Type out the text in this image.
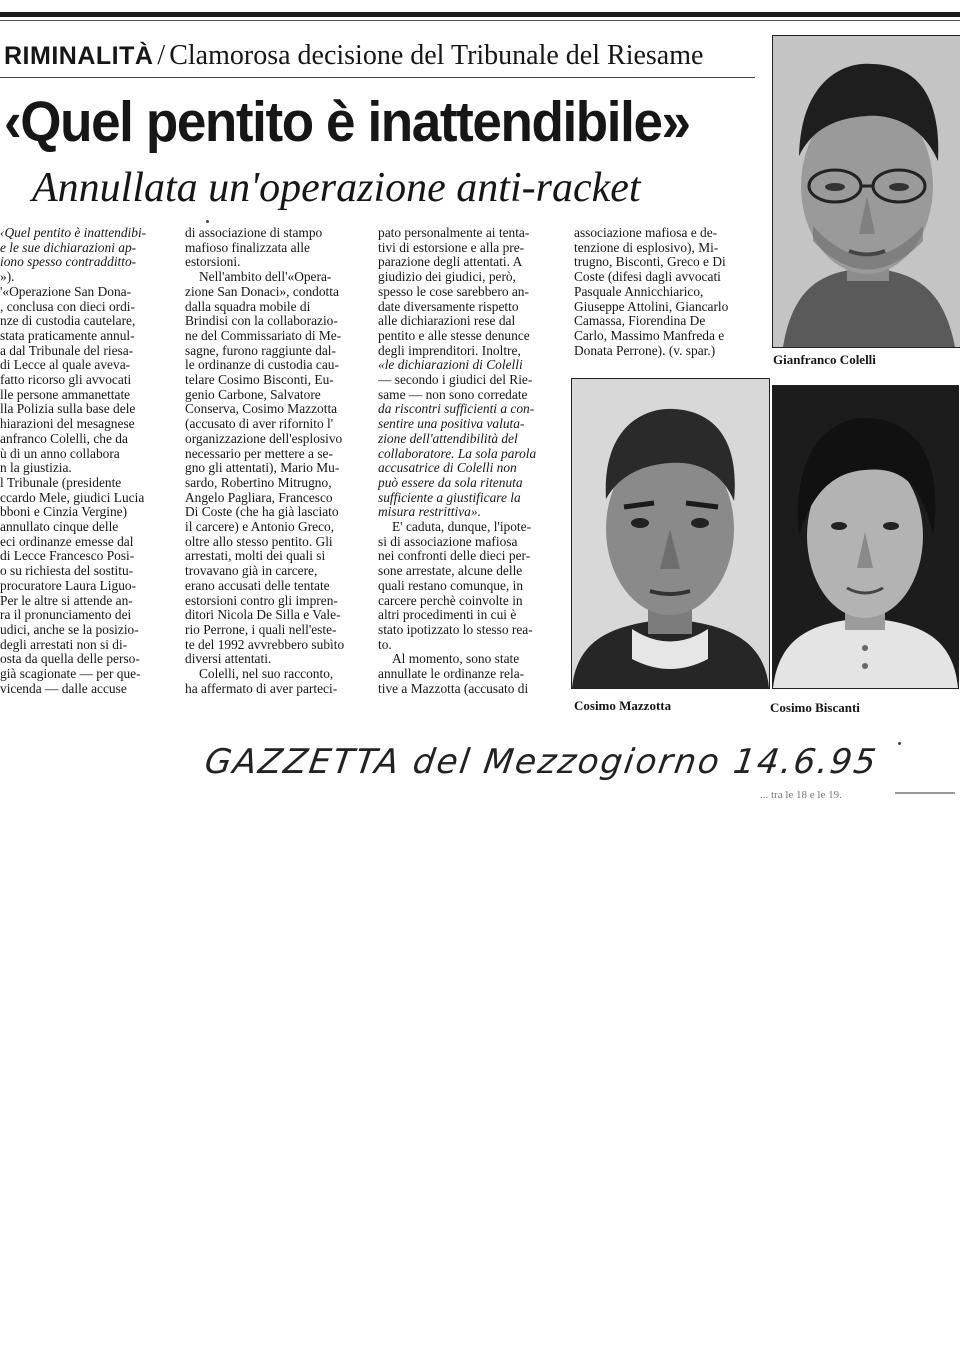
RIMINALITÀ / Clamorosa decisione del Tribunale del Riesame
‹Quel pentito è inattendibile»
Annullata un'operazione anti-racket

‹Quel pentito è inattendibi-

e le sue dichiarazioni ap-

iono spesso contradditto-

»).

'«Operazione San Dona-

, conclusa con dieci ordi-

nze di custodia cautelare,

stata praticamente annul-

a dal Tribunale del riesa-

di Lecce al quale aveva-

fatto ricorso gli avvocati

lle persone ammanettate

lla Polizia sulla base dele

hiarazioni del mesagnese

anfranco Colelli, che da

ù di un anno collabora

n la giustizia.

l Tribunale (presidente

ccardo Mele, giudici Lucia

bboni e Cinzia Vergine)

annullato cinque delle

eci ordinanze emesse dal

di Lecce Francesco Posi-

o su richiesta del sostitu-

procuratore Laura Liguo-

Per le altre si attende an-

ra il pronunciamento dei

udici, anche se la posizio-

degli arrestati non si di-

osta da quella delle perso-

già scagionate — per que-

vicenda — dalle accuse

di associazione di stampo

mafioso finalizzata alle

estorsioni.

Nell'ambito dell'«Opera-

zione San Donaci», condotta

dalla squadra mobile di

Brindisi con la collaborazio-

ne del Commissariato di Me-

sagne, furono raggiunte dal-

le ordinanze di custodia cau-

telare Cosimo Bisconti, Eu-

genio Carbone, Salvatore

Conserva, Cosimo Mazzotta

(accusato di aver rifornito l'

organizzazione dell'esplosivo

necessario per mettere a se-

gno gli attentati), Mario Mu-

sardo, Robertino Mitrugno,

Angelo Pagliara, Francesco

Di Coste (che ha già lasciato

il carcere) e Antonio Greco,

oltre allo stesso pentito. Gli

arrestati, molti dei quali si

trovavano già in carcere,

erano accusati delle tentate

estorsioni contro gli impren-

ditori Nicola De Silla e Vale-

rio Perrone, i quali nell'este-

te del 1992 avvrebbero subìto

diversi attentati.

Colelli, nel suo racconto,

ha affermato di aver parteci-

pato personalmente ai tenta-

tivi di estorsione e alla pre-

parazione degli attentati. A

giudizio dei giudici, però,

spesso le cose sarebbero an-

date diversamente rispetto

alle dichiarazioni rese dal

pentito e alle stesse denunce

degli imprenditori. Inoltre,

«le dichiarazioni di Colelli

— secondo i giudici del Rie-

same — non sono corredate

da riscontri sufficienti a con-

sentire una positiva valuta-

zione dell'attendibilità del

collaboratore. La sola parola

accusatrice di Colelli non

può essere da sola ritenuta

sufficiente a giustificare la

misura restrittiva».

E' caduta, dunque, l'ipote-

si di associazione mafiosa

nei confronti delle dieci per-

sone arrestate, alcune delle

quali restano comunque, in

carcere perchè coinvolte in

altri procedimenti in cui è

stato ipotizzato lo stesso rea-

to.

Al momento, sono state

annullate le ordinanze rela-

tive a Mazzotta (accusato di

associazione mafiosa e de-

tenzione di esplosivo), Mi-

trugno, Bisconti, Greco e Di

Coste (difesi dagli avvocati

Pasquale Annicchiarico,

Giuseppe Attolini, Giancarlo

Camassa, Fiorendina De

Carlo, Massimo Manfreda e

Donata Perrone). (v. spar.)

Gianfranco Colelli
Cosimo Mazzotta	Cosimo Biscanti
GAZZETTA del Mezzogiorno 14.6.95
... tra le 18 e le 19.
